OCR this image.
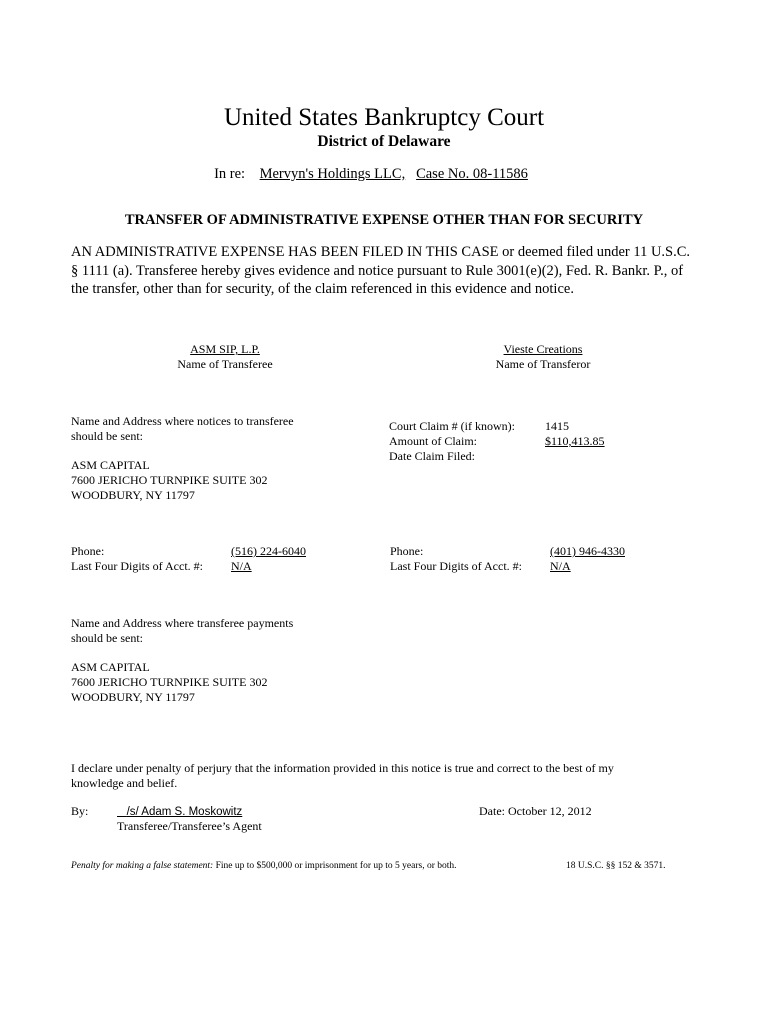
United States Bankruptcy Court
District of Delaware
In re: Mervyn's Holdings LLC, Case No. 08-11586
TRANSFER OF ADMINISTRATIVE EXPENSE OTHER THAN FOR SECURITY
AN ADMINISTRATIVE EXPENSE HAS BEEN FILED IN THIS CASE or deemed filed under 11 U.S.C. § 1111 (a). Transferee hereby gives evidence and notice pursuant to Rule 3001(e)(2), Fed. R. Bankr. P., of the transfer, other than for security, of the claim referenced in this evidence and notice.
ASM SIP, L.P.
Name of Transferee
Vieste Creations
Name of Transferor
Name and Address where notices to transferee
should be sent:
ASM CAPITAL
7600 JERICHO TURNPIKE SUITE 302
WOODBURY, NY 11797
Court Claim # (if known):
Amount of Claim:
Date Claim Filed:
1415
$110,413.85
Phone:
Last Four Digits of Acct. #:
(516) 224-6040
N/A
Phone:
Last Four Digits of Acct. #:
(401) 946-4330
N/A
Name and Address where transferee payments
should be sent:
ASM CAPITAL
7600 JERICHO TURNPIKE SUITE 302
WOODBURY, NY 11797
I declare under penalty of perjury that the information provided in this notice is true and correct to the best of my
knowledge and belief.
By:	/s/ Adam S. Moskowitz
Transferee/Transferee’s Agent
Date: October 12, 2012
Penalty for making a false statement: Fine up to $500,000 or imprisonment for up to 5 years, or both.	18 U.S.C. §§ 152 & 3571.
